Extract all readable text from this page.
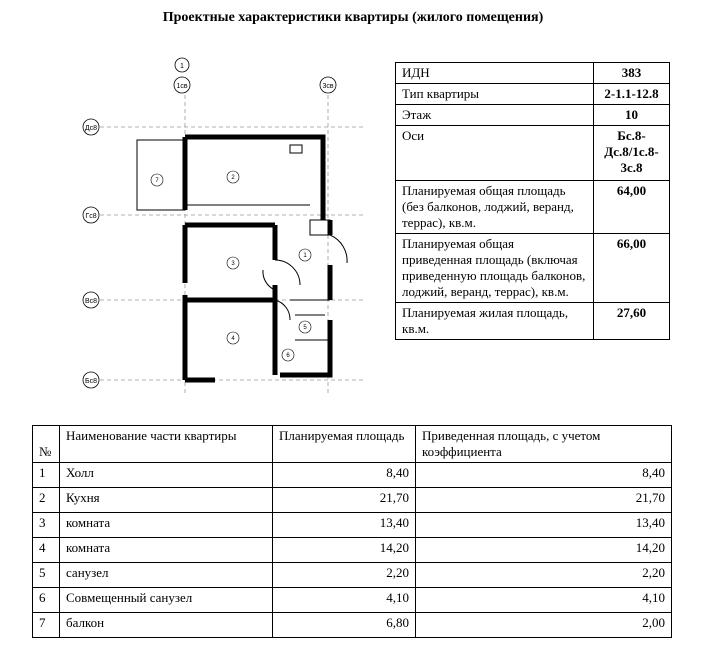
Проектные характеристики квартиры (жилого помещения)
1
1св	3св
Дс8
Гс8
Вс8
Бс8
1
2
3
4
5
6
7
ИДН	383
Тип квартиры	2-1.1-12.8
Этаж	10
Оси	Бс.8-Дс.8/1с.8-3с.8
Планируемая общая площадь (без балконов, лоджий, веранд, террас), кв.м.	64,00
Планируемая общая приведенная площадь (включая приведенную площадь балконов, лоджий, веранд, террас), кв.м.	66,00
Планируемая жилая площадь, кв.м.	27,60
№	Наименование части квартиры	Планируемая площадь	Приведенная площадь, с учетом коэффициента
1	Холл	8,40	8,40
2	Кухня	21,70	21,70
3	комната	13,40	13,40
4	комната	14,20	14,20
5	санузел	2,20	2,20
6	Совмещенный санузел	4,10	4,10
7	балкон	6,80	2,00
